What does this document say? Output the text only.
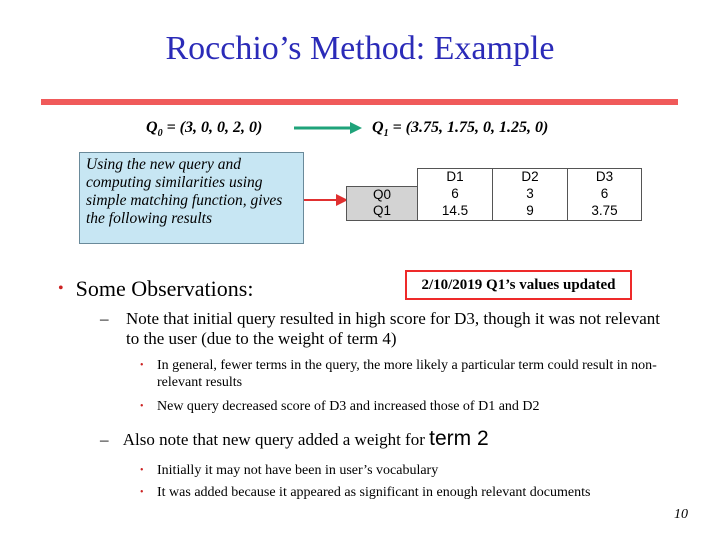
Rocchio’s Method: Example
$Q_0 = (3$, 0, 0, 2, 0)	$Q_1 = (3.75$, 1.75, 0, 1.25, 0)
Using the new query and computing similarities using simple matching function, gives the following results
	D1	D2	D3
Q0	6	3	6
Q1	14.5	9	3.75
2/10/2019 Q1’s values updated
• Some Observations:
– Note that initial query resulted in high score for D3, though it was not relevant to the user (due to the weight of term 4)
• In general, fewer terms in the query, the more likely a particular term could result in non-relevant results
• New query decreased score of D3 and increased those of D1 and D2
– Also note that new query added a weight for term 2
• Initially it may not have been in user’s vocabulary
• It was added because it appeared as significant in enough relevant documents
10
